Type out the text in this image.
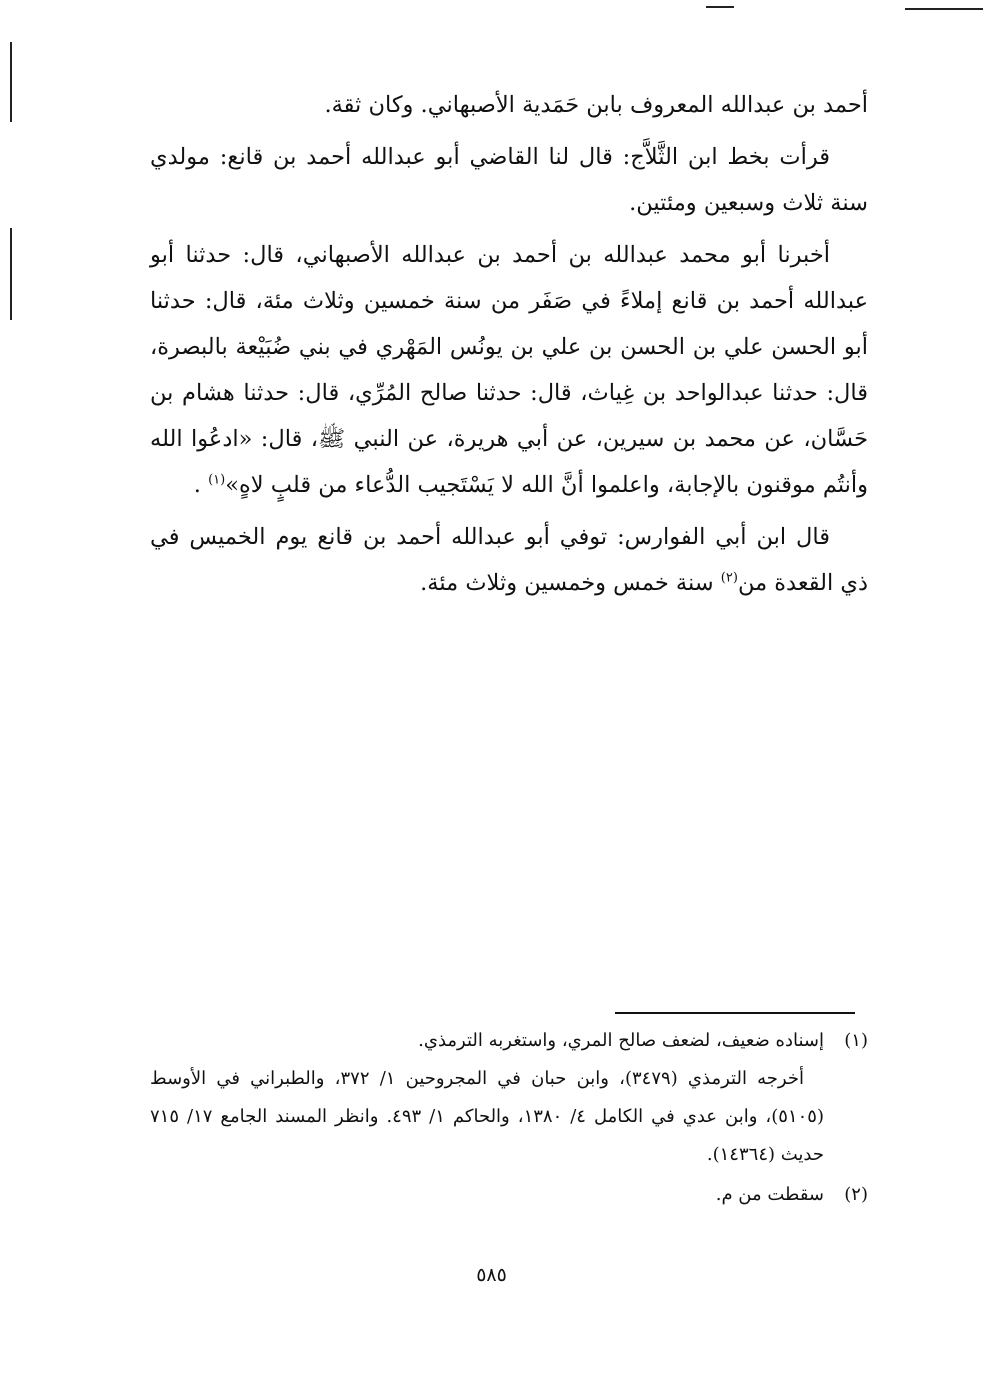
أحمد بن عبدالله المعروف بابن حَمَدية الأصبهاني. وكان ثقة.

قرأت بخط ابن الثَّلاَّج: قال لنا القاضي أبو عبدالله أحمد بن قانع: مولدي سنة ثلاث وسبعين ومئتين.

أخبرنا أبو محمد عبدالله بن أحمد بن عبدالله الأصبهاني، قال: حدثنا أبو عبدالله أحمد بن قانع إملاءً في صَفَر من سنة خمسين وثلاث مئة، قال: حدثنا أبو الحسن علي بن الحسن بن علي بن يونُس المَهْري في بني ضُبَيْعة بالبصرة، قال: حدثنا عبدالواحد بن غِياث، قال: حدثنا صالح المُرِّي، قال: حدثنا هشام بن حَسَّان، عن محمد بن سيرين، عن أبي هريرة، عن النبي ﷺ، قال: «ادعُوا الله وأنتُم موقنون بالإجابة، واعلموا أنَّ الله لا يَسْتَجيب الدُّعاء من قلبٍ لاهٍ»$^{(١)}$ .

قال ابن أبي الفوارس: توفي أبو عبدالله أحمد بن قانع يوم الخميس في ذي القعدة من$^{(٢)}$ سنة خمس وخمسين وثلاث مئة.

(١)
إسناده ضعيف، لضعف صالح المري، واستغربه الترمذي.
أخرجه الترمذي (٣٤٧٩)، وابن حبان في المجروحين ١/ ٣٧٢، والطبراني في الأوسط (٥١٠٥)، وابن عدي في الكامل ٤/ ١٣٨٠، والحاكم ١/ ٤٩٣. وانظر المسند الجامع ١٧/ ٧١٥ حديث (١٤٣٦٤).
(٢)
سقطت من م.
٥٨٥
